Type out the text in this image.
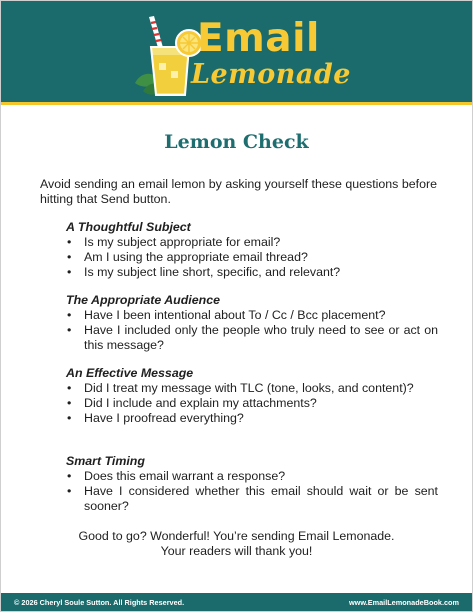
Email
Lemonade
Lemon Check
Avoid sending an email lemon by asking yourself these questions before hitting that Send button.
A Thoughtful Subject
• Is my subject appropriate for email?
• Am I using the appropriate email thread?
• Is my subject line short, specific, and relevant?
The Appropriate Audience
• Have I been intentional about To / Cc / Bcc placement?
• Have I included only the people who truly need to see or act on this message?
An Effective Message
• Did I treat my message with TLC (tone, looks, and content)?
• Did I include and explain my attachments?
• Have I proofread everything?
Smart Timing
• Does this email warrant a response?
• Have I considered whether this email should wait or be sent sooner?
Good to go? Wonderful! You’re sending Email Lemonade.
Your readers will thank you!
© 2026 Cheryl Soule Sutton. All Rights Reserved.	www.EmailLemonadeBook.com
